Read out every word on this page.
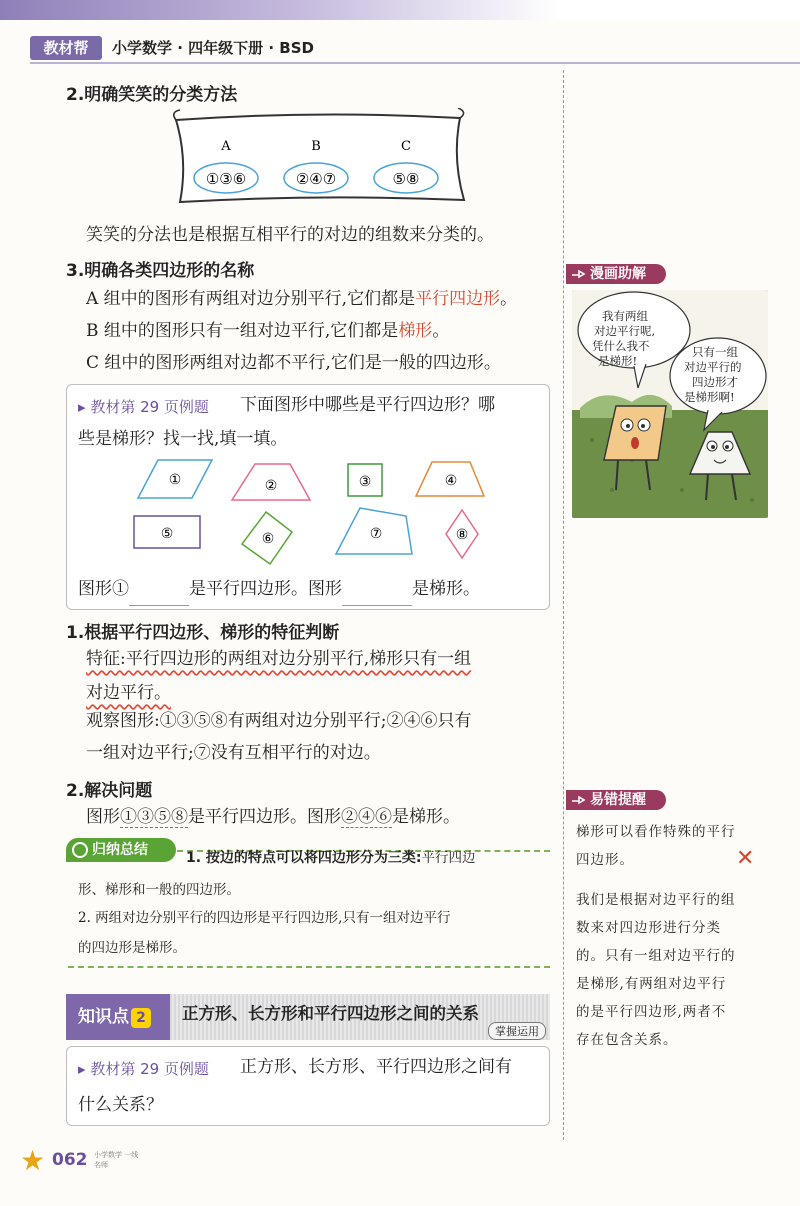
教材帮	小学数学 · 四年级下册 · BSD
2.明确笑笑的分类方法
A
①③⑥
B
②④⑦
C
⑤⑧
笑笑的分法也是根据互相平行的对边的组数来分类的。
3.明确各类四边形的名称
A 组中的图形有两组对边分别平行,它们都是平行四边形。
B 组中的图形只有一组对边平行,它们都是梯形。
C 组中的图形两组对边都不平行,它们是一般的四边形。
▸ 教材第 29 页例题 下面图形中哪些是平行四边形？哪
些是梯形？找一找,填一填。
①	②	③	④
⑤	⑥	⑦	⑧
图形①	是平行四边形。图形	是梯形。
1.根据平行四边形、梯形的特征判断
特征:平行四边形的两组对边分别平行,梯形只有一组
对边平行。
观察图形:①③⑤⑧有两组对边分别平行;②④⑥只有
一组对边平行;⑦没有互相平行的对边。
2.解决问题
图形①③⑤⑧是平行四边形。图形②④⑥是梯形。
归纳总结	1. 按边的特点可以将四边形分为三类:平行四边
形、梯形和一般的四边形。
2. 两组对边分别平行的四边形是平行四边形,只有一组对边平行
的四边形是梯形。
知识点 2	正方形、长方形和平行四边形之间的关系
掌握运用
▸ 教材第 29 页例题 正方形、长方形、平行四边形之间有
什么关系？
漫画助解
我有两组 对边平行呢, 凭什么我不 是梯形!
只有一组 对边平行的 四边形才 是梯形啊!
易错提醒
梯形可以看作特殊的平行
四边形。	✕
我们是根据对边平行的组
数来对四边形进行分类
的。只有一组对边平行的
是梯形,有两组对边平行
的是平行四边形,两者不
存在包含关系。
★ 062 小学数学 一线名师
